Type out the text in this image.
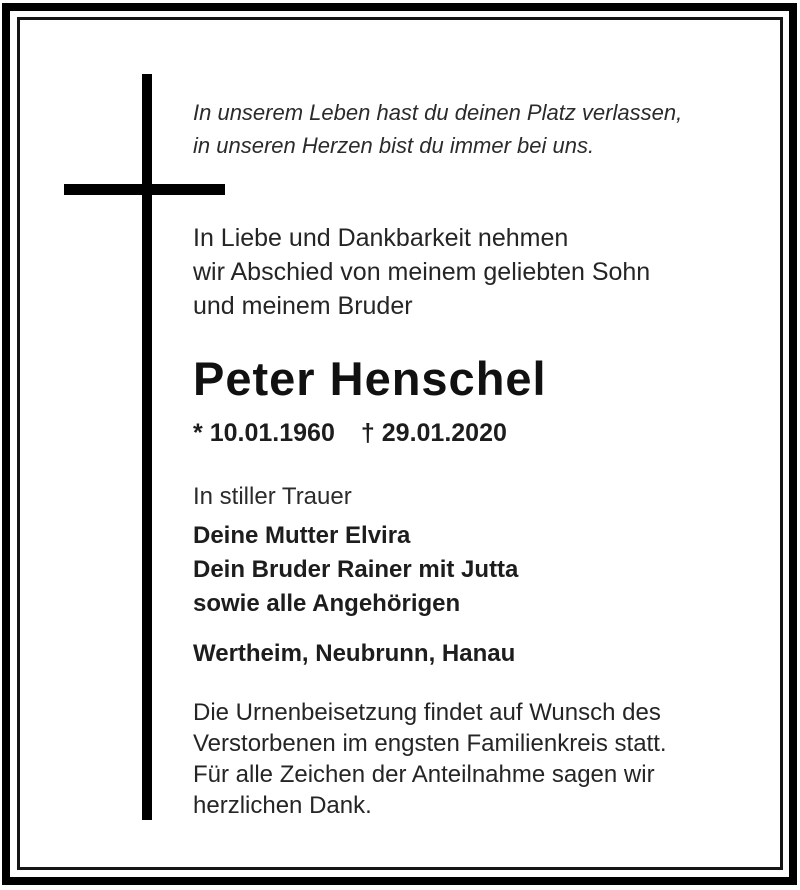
In unserem Leben hast du deinen Platz verlassen,
in unseren Herzen bist du immer bei uns.
In Liebe und Dankbarkeit nehmen
wir Abschied von meinem geliebten Sohn
und meinem Bruder
Peter Henschel
* 10.01.1960 † 29.01.2020
In stiller Trauer
Deine Mutter Elvira
Dein Bruder Rainer mit Jutta
sowie alle Angehörigen
Wertheim, Neubrunn, Hanau
Die Urnenbeisetzung findet auf Wunsch des
Verstorbenen im engsten Familienkreis statt.
Für alle Zeichen der Anteilnahme sagen wir
herzlichen Dank.
